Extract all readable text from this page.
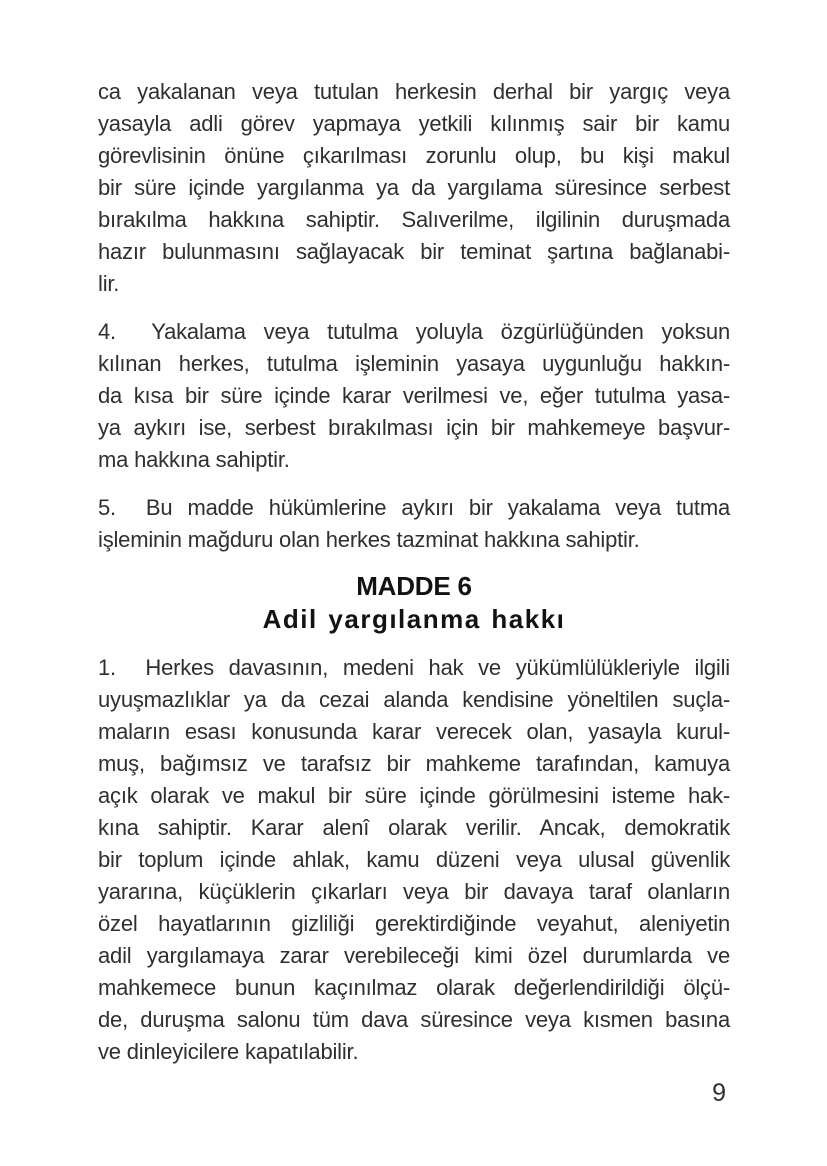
ca yakalanan veya tutulan herkesin derhal bir yargıç veya
yasayla adli görev yapmaya yetkili kılınmış sair bir kamu
görevlisinin önüne çıkarılması zorunlu olup, bu kişi makul
bir süre içinde yargılanma ya da yargılama süresince serbest
bırakılma hakkına sahiptir. Salıverilme, ilgilinin duruşmada
hazır bulunmasını sağlayacak bir teminat şartına bağlanabi-
lir.
4.  Yakalama veya tutulma yoluyla özgürlüğünden yoksun
kılınan herkes, tutulma işleminin yasaya uygunluğu hakkın-
da kısa bir süre içinde karar verilmesi ve, eğer tutulma yasa-
ya aykırı ise, serbest bırakılması için bir mahkemeye başvur-
ma hakkına sahiptir.
5.  Bu madde hükümlerine aykırı bir yakalama veya tutma
işleminin mağduru olan herkes tazminat hakkına sahiptir.
MADDE 6
Adil yargılanma hakkı
1.  Herkes davasının, medeni hak ve yükümlülükleriyle ilgili
uyuşmazlıklar ya da cezai alanda kendisine yöneltilen suçla-
maların esası konusunda karar verecek olan, yasayla kurul-
muş, bağımsız ve tarafsız bir mahkeme tarafından, kamuya
açık olarak ve makul bir süre içinde görülmesini isteme hak-
kına sahiptir. Karar alenî olarak verilir. Ancak, demokratik
bir toplum içinde ahlak, kamu düzeni veya ulusal güvenlik
yararına, küçüklerin çıkarları veya bir davaya taraf olanların
özel hayatlarının gizliliği gerektirdiğinde veyahut, aleniyetin
adil yargılamaya zarar verebileceği kimi özel durumlarda ve
mahkemece bunun kaçınılmaz olarak değerlendirildiği ölçü-
de, duruşma salonu tüm dava süresince veya kısmen basına
ve dinleyicilere kapatılabilir.
9
